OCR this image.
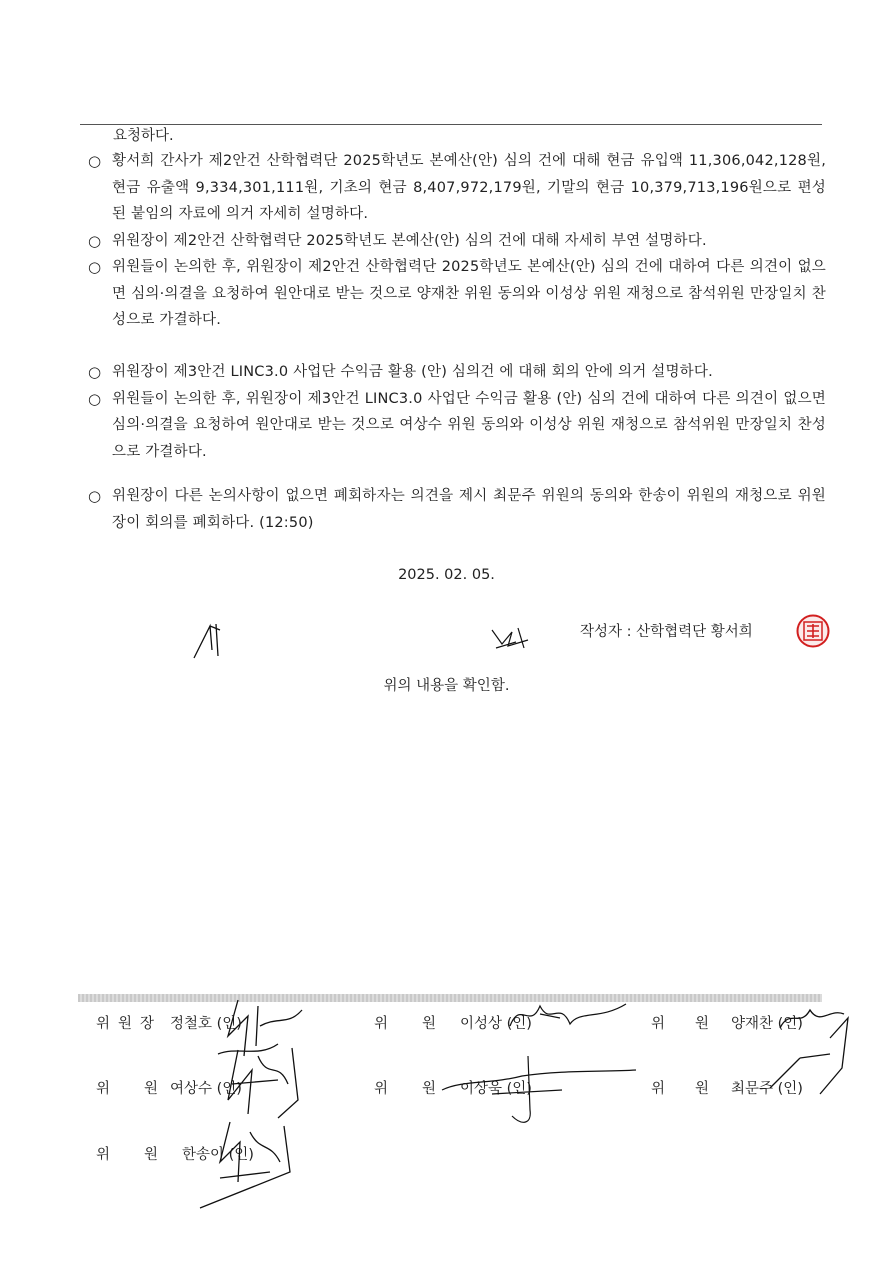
요청하다.
○ 황서희 간사가 제2안건 산학협력단 2025학년도 본예산(안) 심의 건에 대해 현금 유입액 11,306,042,128원, 현금 유출액 9,334,301,111원, 기초의 현금 8,407,972,179원, 기말의 현금 10,379,713,196원으로 편성된 붙임의 자료에 의거 자세히 설명하다.
○ 위원장이 제2안건 산학협력단 2025학년도 본예산(안) 심의 건에 대해 자세히 부연 설명하다.
○ 위원들이 논의한 후, 위원장이 제2안건 산학협력단 2025학년도 본예산(안) 심의 건에 대하여 다른 의견이 없으면 심의·의결을 요청하여 원안대로 받는 것으로 양재찬 위원 동의와 이성상 위원 재청으로 참석위원 만장일치 찬성으로 가결하다.
○ 위원장이 제3안건 LINC3.0 사업단 수익금 활용 (안) 심의건 에 대해 회의 안에 의거 설명하다.
○ 위원들이 논의한 후, 위원장이 제3안건 LINC3.0 사업단 수익금 활용 (안) 심의 건에 대하여 다른 의견이 없으면 심의·의결을 요청하여 원안대로 받는 것으로 여상수 위원 동의와 이성상 위원 재청으로 참석위원 만장일치 찬성으로 가결하다.
○ 위원장이 다른 논의사항이 없으면 폐회하자는 의견을 제시 최문주 위원의 동의와 한송이 위원의 재청으로 위원장이 회의를 폐회하다. (12:50)
2025. 02. 05.
작성자 : 산학협력단 황서희
위의 내용을 확인함.
위 원 장	정철호 (인)	위 원	이성상 (인)	위 원	양재찬 (인)
위 원 여상수 (인)	위 원	이상욱 (인)	위 원	최문주 (인)
위 원	한송이 (인)
